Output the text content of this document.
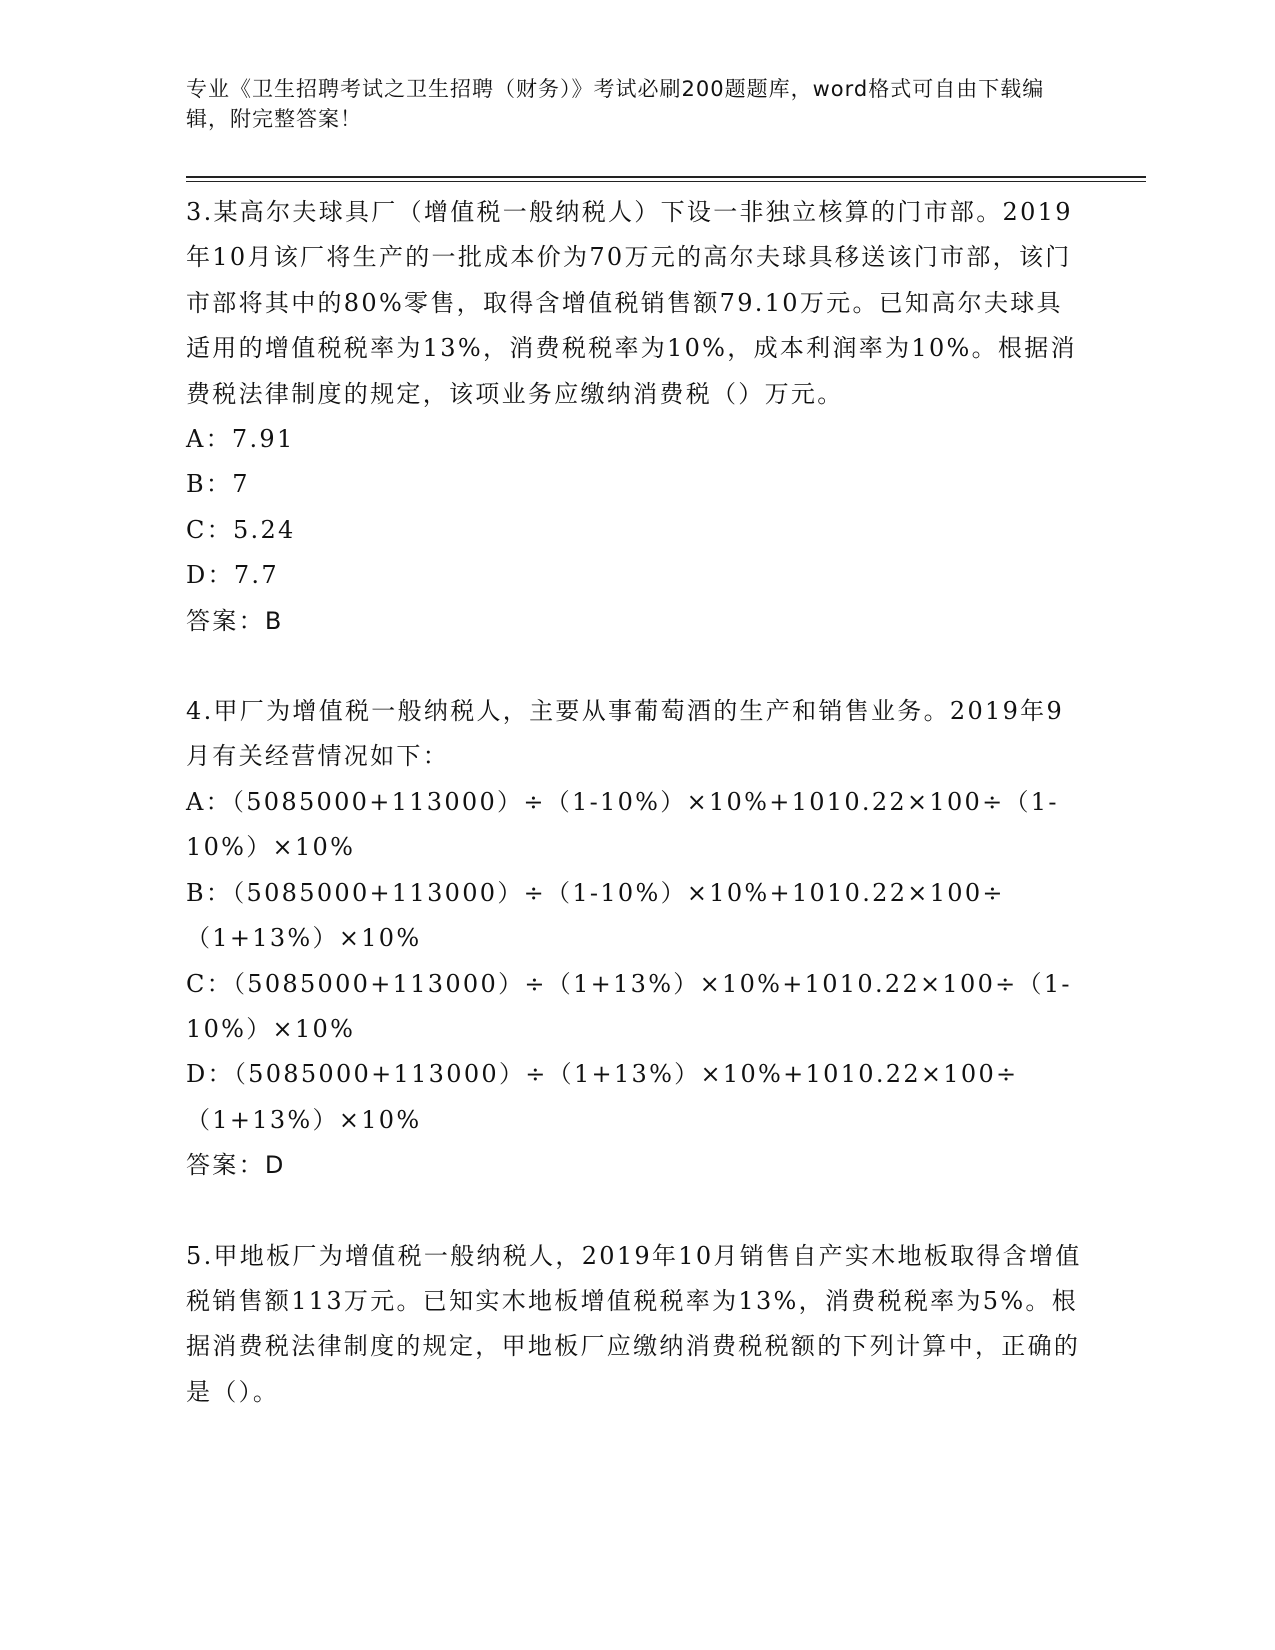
专业《卫生招聘考试之卫生招聘（财务）》考试必刷200题题库，word格式可自由下载编辑，附完整答案！

3.某高尔夫球具厂（增值税一般纳税人）下设一非独立核算的门市部。2019年10月该厂将生产的一批成本价为70万元的高尔夫球具移送该门市部，该门市部将其中的80%零售，取得含增值税销售额79.10万元。已知高尔夫球具适用的增值税税率为13%，消费税税率为10%，成本利润率为10%。根据消费税法律制度的规定，该项业务应缴纳消费税（）万元。

A：7.91

B：7

C：5.24

D：7.7

答案：B

4.甲厂为增值税一般纳税人，主要从事葡萄酒的生产和销售业务。2019年9月有关经营情况如下：

A：（5085000+113000）÷（1-10%）×10%+1010.22×100÷（1-10%）×10%

B：（5085000+113000）÷（1-10%）×10%+1010.22×100÷（1+13%）×10%

C：（5085000+113000）÷（1+13%）×10%+1010.22×100÷（1-10%）×10%

D：（5085000+113000）÷（1+13%）×10%+1010.22×100÷（1+13%）×10%

答案：D

5.甲地板厂为增值税一般纳税人，2019年10月销售自产实木地板取得含增值税销售额113万元。已知实木地板增值税税率为13%，消费税税率为5%。根据消费税法律制度的规定，甲地板厂应缴纳消费税税额的下列计算中，正确的是（）。
